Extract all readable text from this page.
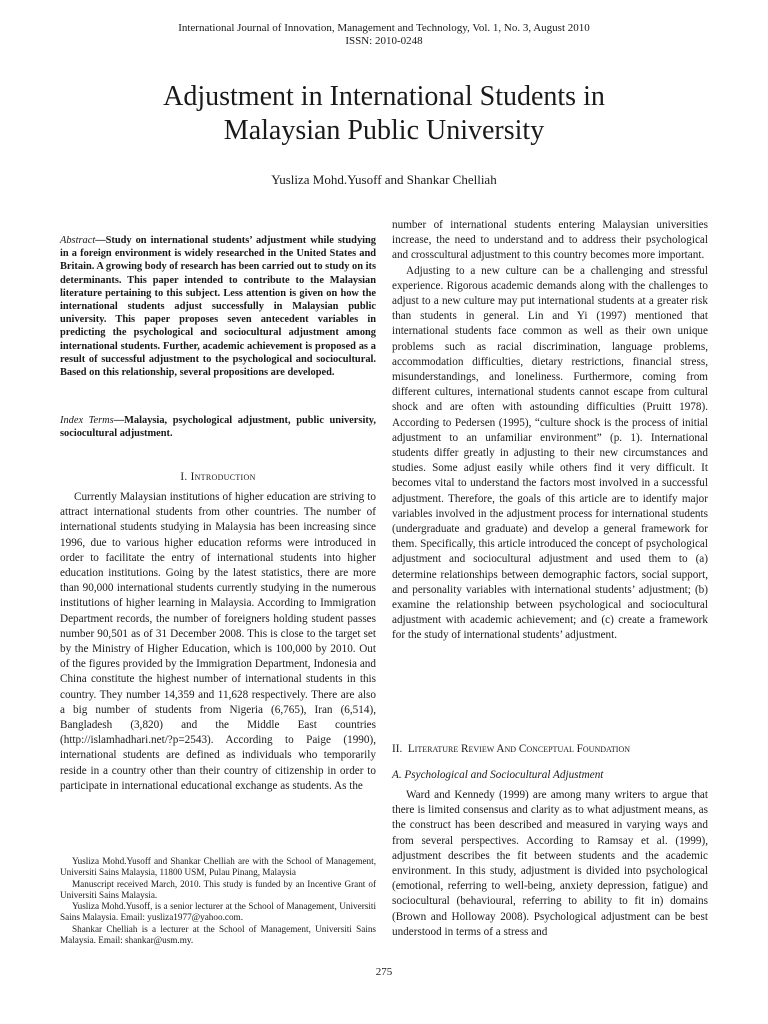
International Journal of Innovation, Management and Technology, Vol. 1, No. 3, August 2010
ISSN: 2010-0248
Adjustment in International Students in
Malaysian Public University
Yusliza Mohd.Yusoff and Shankar Chelliah
Abstract—Study on international students’ adjustment while studying in a foreign environment is widely researched in the United States and Britain. A growing body of research has been carried out to study on its determinants. This paper intended to contribute to the Malaysian literature pertaining to this subject. Less attention is given on how the international students adjust successfully in Malaysian public university. This paper proposes seven antecedent variables in predicting the psychological and sociocultural adjustment among international students. Further, academic achievement is proposed as a result of successful adjustment to the psychological and sociocultural. Based on this relationship, several propositions are developed.
Index Terms—Malaysia, psychological adjustment, public university, sociocultural adjustment.
I. Introduction

Currently Malaysian institutions of higher education are striving to attract international students from other countries. The number of international students studying in Malaysia has been increasing since 1996, due to various higher education reforms were introduced in order to facilitate the entry of international students into higher education institutions. Going by the latest statistics, there are more than 90,000 international students currently studying in the numerous institutions of higher learning in Malaysia. According to Immigration Department records, the number of foreigners holding student passes number 90,501 as of 31 December 2008. This is close to the target set by the Ministry of Higher Education, which is 100,000 by 2010. Out of the figures provided by the Immigration Department, Indonesia and China constitute the highest number of international students in this country. They number 14,359 and 11,628 respectively. There are also a big number of students from Nigeria (6,765), Iran (6,514), Bangladesh (3,820) and the Middle East countries (http://islamhadhari.net/?p=2543). According to Paige (1990), international students are defined as individuals who temporarily reside in a country other than their country of citizenship in order to participate in international educational exchange as students. As the

Yusliza Mohd.Yusoff and Shankar Chelliah are with the School of Management, Universiti Sains Malaysia, 11800 USM, Pulau Pinang, Malaysia

Manuscript received March, 2010. This study is funded by an Incentive Grant of Universiti Sains Malaysia.

Yusliza Mohd.Yusoff, is a senior lecturer at the School of Management, Universiti Sains Malaysia. Email: yusliza1977@yahoo.com.

Shankar Chelliah is a lecturer at the School of Management, Universiti Sains Malaysia. Email: shankar@usm.my.

number of international students entering Malaysian universities increase, the need to understand and to address their psychological and crosscultural adjustment to this country becomes more important.

Adjusting to a new culture can be a challenging and stressful experience. Rigorous academic demands along with the challenges to adjust to a new culture may put international students at a greater risk than students in general. Lin and Yi (1997) mentioned that international students face common as well as their own unique problems such as racial discrimination, language problems, accommodation difficulties, dietary restrictions, financial stress, misunderstandings, and loneliness. Furthermore, coming from different cultures, international students cannot escape from cultural shock and are often with astounding difficulties (Pruitt 1978). According to Pedersen (1995), “culture shock is the process of initial adjustment to an unfamiliar environment” (p. 1). International students differ greatly in adjusting to their new circumstances and studies. Some adjust easily while others find it very difficult. It becomes vital to understand the factors most involved in a successful adjustment. Therefore, the goals of this article are to identify major variables involved in the adjustment process for international students (undergraduate and graduate) and develop a general framework for them. Specifically, this article introduced the concept of psychological adjustment and sociocultural adjustment and used them to (a) determine relationships between demographic factors, social support, and personality variables with international students’ adjustment; (b) examine the relationship between psychological and sociocultural adjustment with academic achievement; and (c) create a framework for the study of international students’ adjustment.

II. Literature Review And Conceptual Foundation
A. Psychological and Sociocultural Adjustment

Ward and Kennedy (1999) are among many writers to argue that there is limited consensus and clarity as to what adjustment means, as the construct has been described and measured in varying ways and from several perspectives. According to Ramsay et al. (1999), adjustment describes the fit between students and the academic environment. In this study, adjustment is divided into psychological (emotional, referring to well-being, anxiety depression, fatigue) and sociocultural (behavioural, referring to ability to fit in) domains (Brown and Holloway 2008). Psychological adjustment can be best understood in terms of a stress and

275
